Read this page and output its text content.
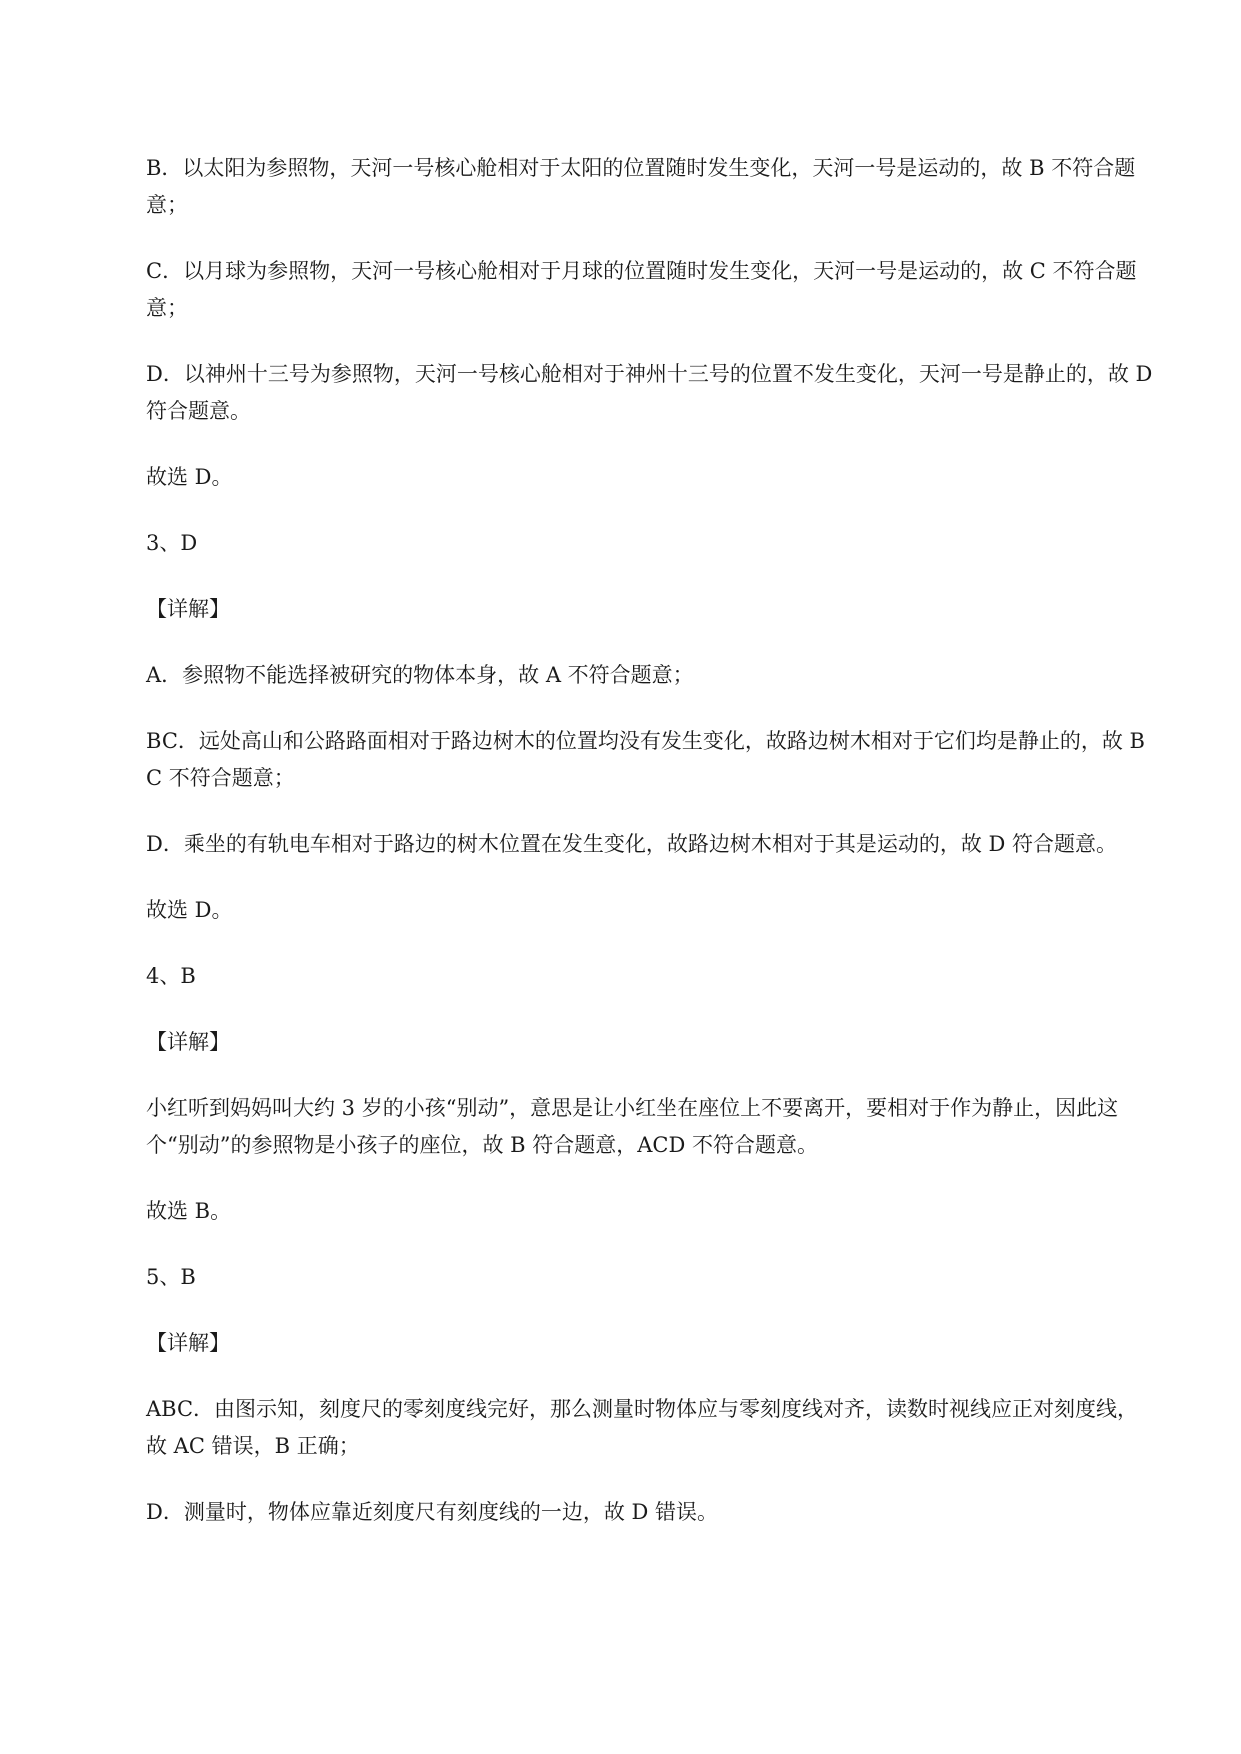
B．以太阳为参照物，天河一号核心舱相对于太阳的位置随时发生变化，天河一号是运动的，故 B 不符合题意；

C．以月球为参照物，天河一号核心舱相对于月球的位置随时发生变化，天河一号是运动的，故 C 不符合题意；

D．以神州十三号为参照物，天河一号核心舱相对于神州十三号的位置不发生变化，天河一号是静止的，故 D 符合题意。

故选 D。

3、D

【详解】

A．参照物不能选择被研究的物体本身，故 A 不符合题意；

BC．远处高山和公路路面相对于路边树木的位置均没有发生变化，故路边树木相对于它们均是静止的，故 BC 不符合题意；

D．乘坐的有轨电车相对于路边的树木位置在发生变化，故路边树木相对于其是运动的，故 D 符合题意。

故选 D。

4、B

【详解】

小红听到妈妈叫大约 3 岁的小孩“别动”，意思是让小红坐在座位上不要离开，要相对于作为静止，因此这个“别动”的参照物是小孩子的座位，故 B 符合题意，ACD 不符合题意。

故选 B。

5、B

【详解】

ABC．由图示知，刻度尺的零刻度线完好，那么测量时物体应与零刻度线对齐，读数时视线应正对刻度线，故 AC 错误，B 正确；

D．测量时，物体应靠近刻度尺有刻度线的一边，故 D 错误。
